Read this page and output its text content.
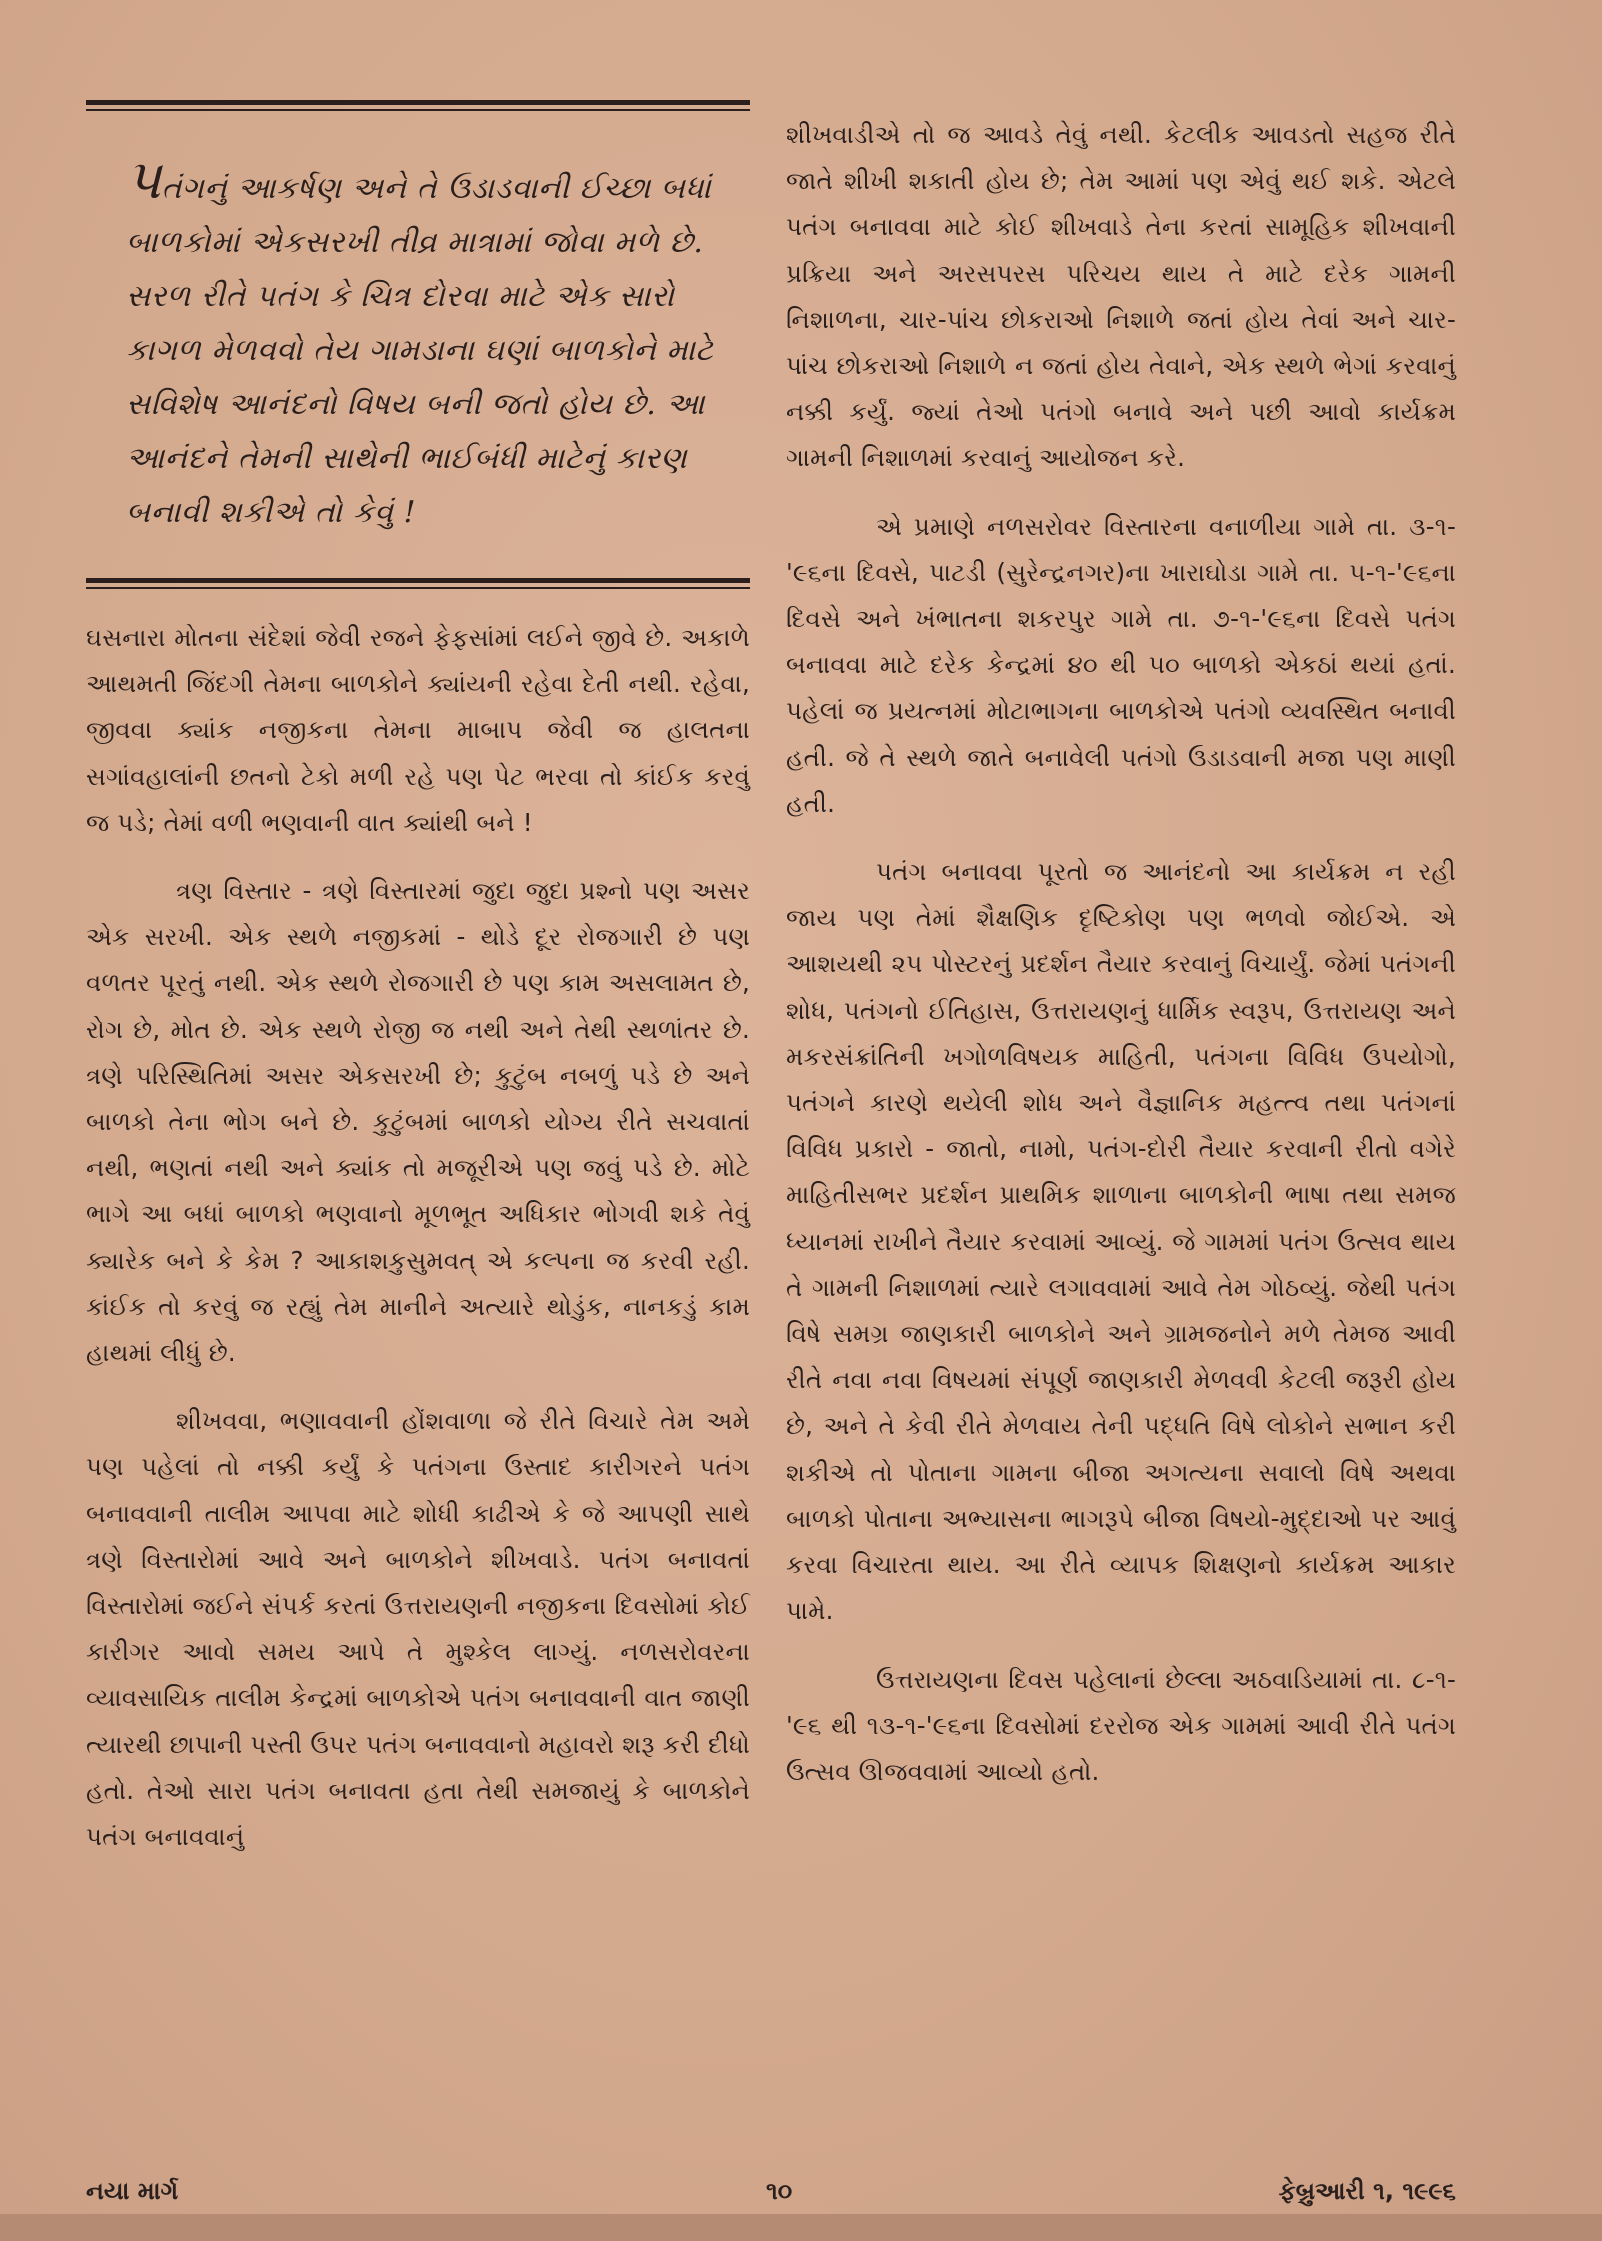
પતંગનું આકર્ષણ અને તે ઉડાડવાની ઈચ્છા બધાં બાળકોમાં એકસરખી તીવ્ર માત્રામાં જોવા મળે છે. સરળ રીતે પતંગ કે ચિત્ર દોરવા માટે એક સારો કાગળ મેળવવો તેય ગામડાના ઘણાં બાળકોને માટે સવિશેષ આનંદનો વિષય બની જતો હોય છે. આ આનંદને તેમની સાથેની ભાઈબંધી માટેનું કારણ બનાવી શકીએ તો કેવું !

ઘસનારા મોતના સંદેશાં જેવી રજને ફેફસાંમાં લઈને જીવે છે. અકાળે આથમતી જિંદગી તેમના બાળકોને ક્યાંયની રહેવા દેતી નથી. રહેવા, જીવવા ક્યાંક નજીકના તેમના માબાપ જેવી જ હાલતના સગાંવહાલાંની છતનો ટેકો મળી રહે પણ પેટ ભરવા તો કાંઈક કરવું જ પડે; તેમાં વળી ભણવાની વાત ક્યાંથી બને !

ત્રણ વિસ્તાર - ત્રણે વિસ્તારમાં જુદા જુદા પ્રશ્નો પણ અસર એક સરખી. એક સ્થળે નજીકમાં - થોડે દૂર રોજગારી છે પણ વળતર પૂરતું નથી. એક સ્થળે રોજગારી છે પણ કામ અસલામત છે, રોગ છે, મોત છે. એક સ્થળે રોજી જ નથી અને તેથી સ્થળાંતર છે. ત્રણે પરિસ્થિતિમાં અસર એકસરખી છે; કુટુંબ નબળું પડે છે અને બાળકો તેના ભોગ બને છે. કુટુંબમાં બાળકો યોગ્ય રીતે સચવાતાં નથી, ભણતાં નથી અને ક્યાંક તો મજૂરીએ પણ જવું પડે છે. મોટે ભાગે આ બધાં બાળકો ભણવાનો મૂળભૂત અધિકાર ભોગવી શકે તેવું ક્યારેક બને કે કેમ ? આકાશકુસુમવત્ એ કલ્પના જ કરવી રહી. કાંઈક તો કરવું જ રહ્યું તેમ માનીને અત્યારે થોડુંક, નાનકડું કામ હાથમાં લીધું છે.

શીખવવા, ભણાવવાની હોંશવાળા જે રીતે વિચારે તેમ અમે પણ પહેલાં તો નક્કી કર્યું કે પતંગના ઉસ્તાદ કારીગરને પતંગ બનાવવાની તાલીમ આપવા માટે શોધી કાઢીએ કે જે આપણી સાથે ત્રણે વિસ્તારોમાં આવે અને બાળકોને શીખવાડે. પતંગ બનાવતાં વિસ્તારોમાં જઈને સંપર્ક કરતાં ઉત્તરાયણની નજીકના દિવસોમાં કોઈ કારીગર આવો સમય આપે તે મુશ્કેલ લાગ્યું. નળસરોવરના વ્યાવસાયિક તાલીમ કેન્દ્રમાં બાળકોએ પતંગ બનાવવાની વાત જાણી ત્યારથી છાપાની પસ્તી ઉપર પતંગ બનાવવાનો મહાવરો શરૂ કરી દીધો હતો. તેઓ સારા પતંગ બનાવતા હતા તેથી સમજાયું કે બાળકોને પતંગ બનાવવાનું

શીખવાડીએ તો જ આવડે તેવું નથી. કેટલીક આવડતો સહજ રીતે જાતે શીખી શકાતી હોય છે; તેમ આમાં પણ એવું થઈ શકે. એટલે પતંગ બનાવવા માટે કોઈ શીખવાડે તેના કરતાં સામૂહિક શીખવાની પ્રક્રિયા અને અરસપરસ પરિચય થાય તે માટે દરેક ગામની નિશાળના, ચાર-પાંચ છોકરાઓ નિશાળે જતાં હોય તેવાં અને ચાર-પાંચ છોકરાઓ નિશાળે ન જતાં હોય તેવાને, એક સ્થળે ભેગાં કરવાનું નક્કી કર્યું. જ્યાં તેઓ પતંગો બનાવે અને પછી આવો કાર્યક્રમ ગામની નિશાળમાં કરવાનું આયોજન કરે.

એ પ્રમાણે નળસરોવર વિસ્તારના વનાળીયા ગામે તા. ૩-૧-'૯૬ના દિવસે, પાટડી (સુરેન્દ્રનગર)ના ખારાઘોડા ગામે તા. ૫-૧-'૯૬ના દિવસે અને ખંભાતના શકરપુર ગામે તા. ૭-૧-'૯૬ના દિવસે પતંગ બનાવવા માટે દરેક કેન્દ્રમાં ૪૦ થી ૫૦ બાળકો એકઠાં થયાં હતાં. પહેલાં જ પ્રયત્નમાં મોટાભાગના બાળકોએ પતંગો વ્યવસ્થિત બનાવી હતી. જે તે સ્થળે જાતે બનાવેલી પતંગો ઉડાડવાની મજા પણ માણી હતી.

પતંગ બનાવવા પૂરતો જ આનંદનો આ કાર્યક્રમ ન રહી જાય પણ તેમાં શૈક્ષણિક દૃષ્ટિકોણ પણ ભળવો જોઈએ. એ આશયથી ૨૫ પોસ્ટરનું પ્રદર્શન તૈયાર કરવાનું વિચાર્યું. જેમાં પતંગની શોધ, પતંગનો ઈતિહાસ, ઉત્તરાયણનું ધાર્મિક સ્વરૂપ, ઉત્તરાયણ અને મકરસંક્રાંતિની ખગોળવિષયક માહિતી, પતંગના વિવિધ ઉપયોગો, પતંગને કારણે થયેલી શોધ અને વૈજ્ઞાનિક મહત્ત્વ તથા પતંગનાં વિવિધ પ્રકારો - જાતો, નામો, પતંગ-દોરી તૈયાર કરવાની રીતો વગેરે માહિતીસભર પ્રદર્શન પ્રાથમિક શાળાના બાળકોની ભાષા તથા સમજ ધ્યાનમાં રાખીને તૈયાર કરવામાં આવ્યું. જે ગામમાં પતંગ ઉત્સવ થાય તે ગામની નિશાળમાં ત્યારે લગાવવામાં આવે તેમ ગોઠવ્યું. જેથી પતંગ વિષે સમગ્ર જાણકારી બાળકોને અને ગ્રામજનોને મળે તેમજ આવી રીતે નવા નવા વિષયમાં સંપૂર્ણ જાણકારી મેળવવી કેટલી જરૂરી હોય છે, અને તે કેવી રીતે મેળવાય તેની પદ્ધતિ વિષે લોકોને સભાન કરી શકીએ તો પોતાના ગામના બીજા અગત્યના સવાલો વિષે અથવા બાળકો પોતાના અભ્યાસના ભાગરૂપે બીજા વિષયો-મુદ્દાઓ પર આવું કરવા વિચારતા થાય. આ રીતે વ્યાપક શિક્ષણનો કાર્યક્રમ આકાર પામે.

ઉત્તરાયણના દિવસ પહેલાનાં છેલ્લા અઠવાડિયામાં તા. ૮-૧-'૯૬ થી ૧૩-૧-'૯૬ના દિવસોમાં દરરોજ એક ગામમાં આવી રીતે પતંગ ઉત્સવ ઊજવવામાં આવ્યો હતો.

નયા માર્ગ	૧૦	ફેબ્રુઆરી ૧, ૧૯૯૬
